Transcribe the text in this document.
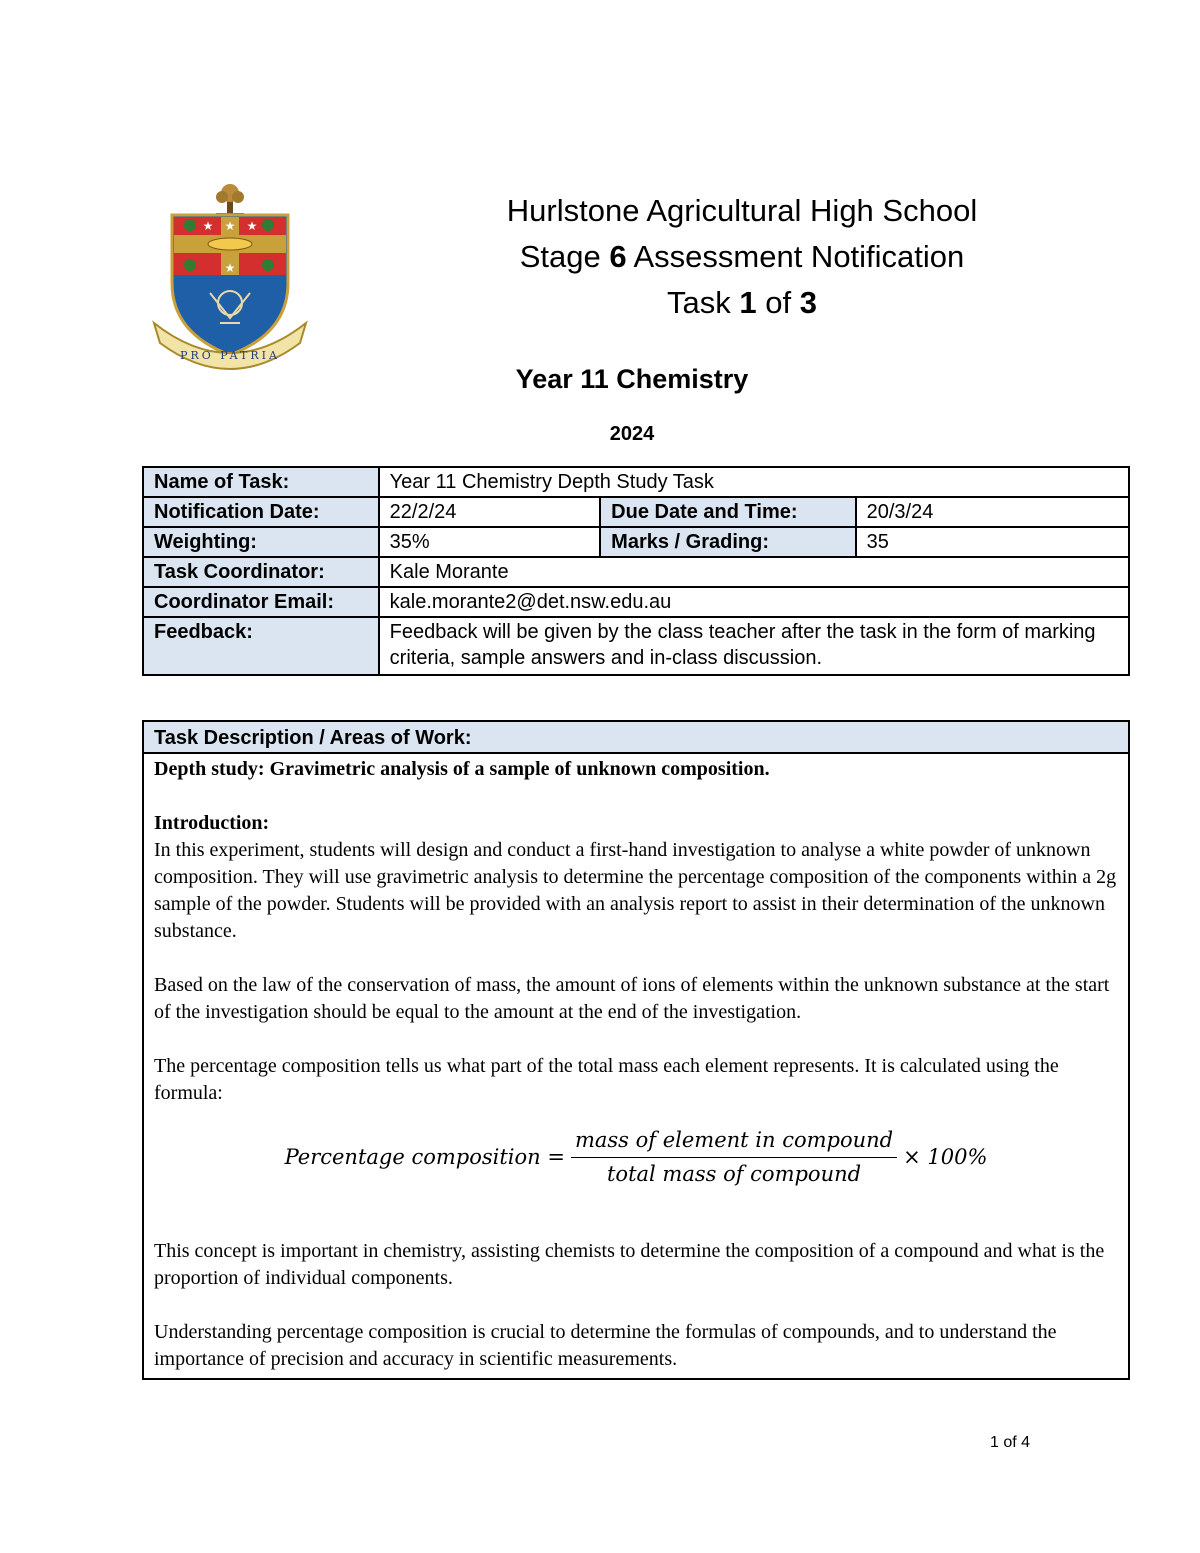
★
★	★
★
PRO PATRIA
Hurlstone Agricultural High School
Stage 6 Assessment Notification
Task 1 of 3
Year 11 Chemistry
2024
Name of Task:	Year 11 Chemistry Depth Study Task		
Notification Date:	22/2/24	Due Date and Time:	20/3/24
Weighting:	35%	Marks / Grading:	35
Task Coordinator:	Kale Morante		
Coordinator Email:	kale.morante2@det.nsw.edu.au		
Feedback:	Feedback will be given by the class teacher after the task in the form of marking criteria, sample answers and in-class discussion.		
Task Description / Areas of Work:

Depth study: Gravimetric analysis of a sample of unknown composition.

Introduction:
In this experiment, students will design and conduct a first-hand investigation to analyse a white powder of unknown composition. They will use gravimetric analysis to determine the percentage composition of the components within a 2g sample of the powder. Students will be provided with an analysis report to assist in their determination of the unknown substance.

Based on the law of the conservation of mass, the amount of ions of elements within the unknown substance at the start of the investigation should be equal to the amount at the end of the investigation.

The percentage composition tells us what part of the total mass each element represents. It is calculated using the formula:

Percentage composition = $\frac{\text{mass of element in compound}}{\text{total mass of compound}} \times 100\%$

This concept is important in chemistry, assisting chemists to determine the composition of a compound and what is the proportion of individual components.

Understanding percentage composition is crucial to determine the formulas of compounds, and to understand the importance of precision and accuracy in scientific measurements.

1 of 4
